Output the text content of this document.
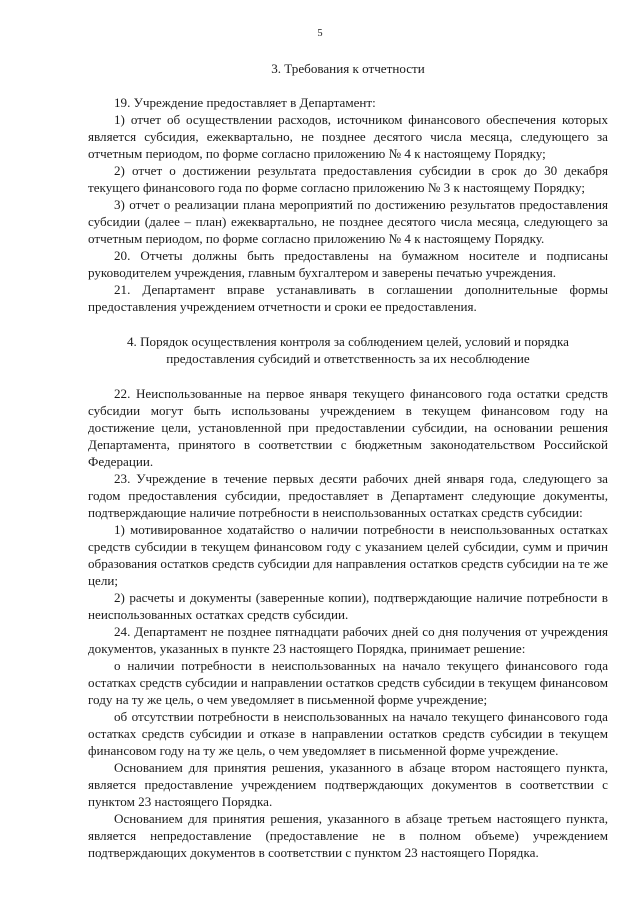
5
3. Требования к отчетности

19. Учреждение предоставляет в Департамент:

1) отчет об осуществлении расходов, источником финансового обеспечения которых является субсидия, ежеквартально, не позднее десятого числа месяца, следующего за отчетным периодом, по форме согласно приложению № 4 к настоящему Порядку;

2) отчет о достижении результата предоставления субсидии в срок до 30 декабря текущего финансового года по форме согласно приложению № 3 к настоящему Порядку;

3) отчет о реализации плана мероприятий по достижению результатов предоставления субсидии (далее – план) ежеквартально, не позднее десятого числа месяца, следующего за отчетным периодом, по форме согласно приложению № 4 к настоящему Порядку.

20. Отчеты должны быть предоставлены на бумажном носителе и подписаны руководителем учреждения, главным бухгалтером и заверены печатью учреждения.

21. Департамент вправе устанавливать в соглашении дополнительные формы предоставления учреждением отчетности и сроки ее предоставления.

4. Порядок осуществления контроля за соблюдением целей, условий и порядка предоставления субсидий и ответственность за их несоблюдение

22. Неиспользованные на первое января текущего финансового года остатки средств субсидии могут быть использованы учреждением в текущем финансовом году на достижение цели, установленной при предоставлении субсидии, на основании решения Департамента, принятого в соответствии с бюджетным законодательством Российской Федерации.

23. Учреждение в течение первых десяти рабочих дней января года, следующего за годом предоставления субсидии, предоставляет в Департамент следующие документы, подтверждающие наличие потребности в неиспользованных остатках средств субсидии:

1) мотивированное ходатайство о наличии потребности в неиспользованных остатках средств субсидии в текущем финансовом году с указанием целей субсидии, сумм и причин образования остатков средств субсидии для направления остатков средств субсидии на те же цели;

2) расчеты и документы (заверенные копии), подтверждающие наличие потребности в неиспользованных остатках средств субсидии.

24. Департамент не позднее пятнадцати рабочих дней со дня получения от учреждения документов, указанных в пункте 23 настоящего Порядка, принимает решение:

о наличии потребности в неиспользованных на начало текущего финансового года остатках средств субсидии и направлении остатков средств субсидии в текущем финансовом году на ту же цель, о чем уведомляет в письменной форме учреждение;

об отсутствии потребности в неиспользованных на начало текущего финансового года остатках средств субсидии и отказе в направлении остатков средств субсидии в текущем финансовом году на ту же цель, о чем уведомляет в письменной форме учреждение.

Основанием для принятия решения, указанного в абзаце втором настоящего пункта, является предоставление учреждением подтверждающих документов в соответствии с пунктом 23 настоящего Порядка.

Основанием для принятия решения, указанного в абзаце третьем настоящего пункта, является непредоставление (предоставление не в полном объеме) учреждением подтверждающих документов в соответствии с пунктом 23 настоящего Порядка.
